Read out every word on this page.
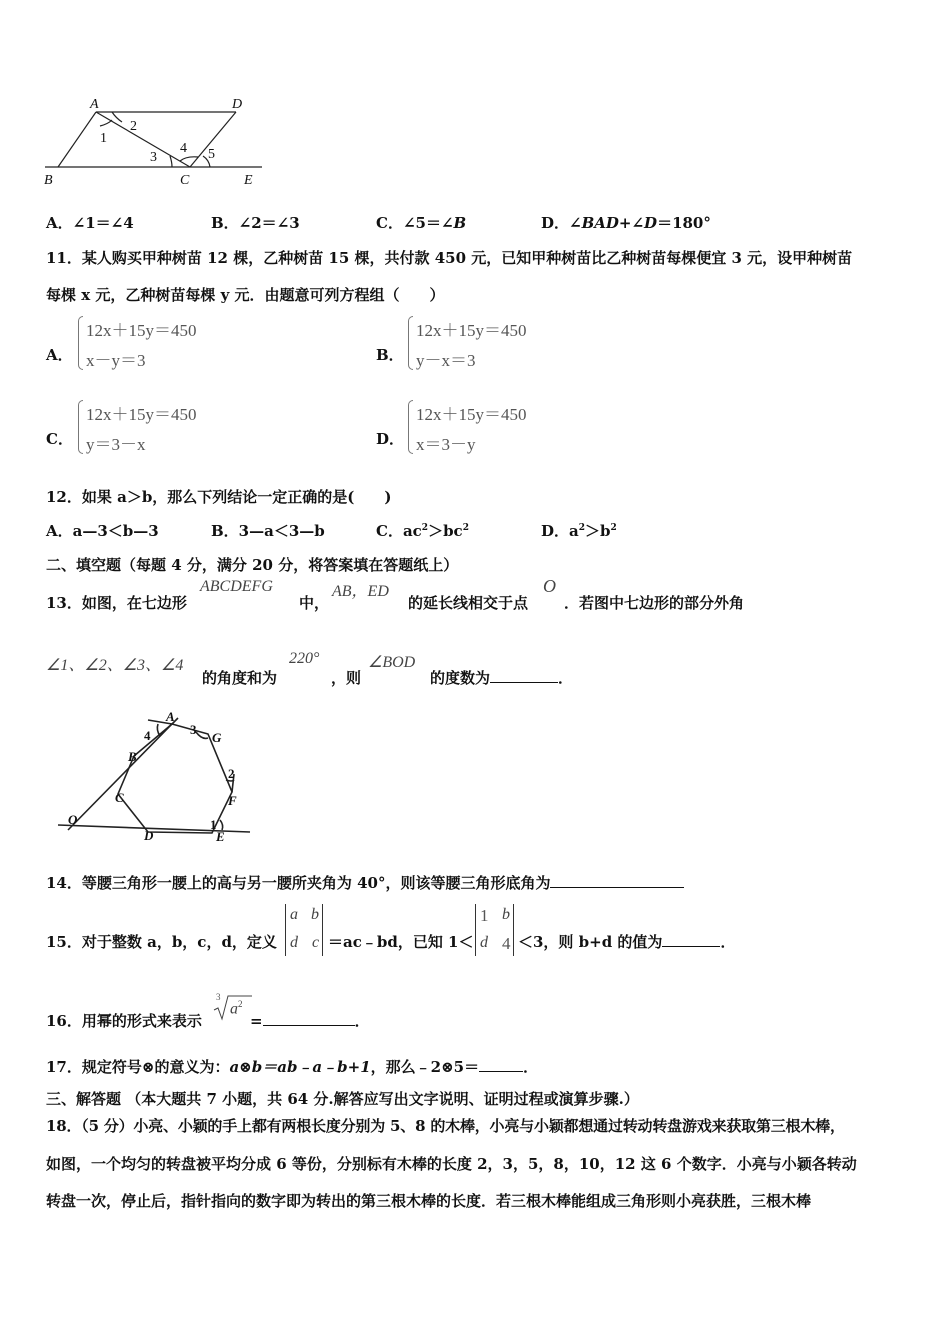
A	D
B	C	E
1
2
3
4 5
A．∠1＝∠4	B．∠2＝∠3	C．∠5＝∠B	D．∠BAD+∠D＝180°
11．某人购买甲种树苗 12 棵，乙种树苗 15 棵，共付款 450 元，已知甲种树苗比乙种树苗每棵便宜 3 元，设甲种树苗
每棵 x 元，乙种树苗每棵 y 元．由题意可列方程组（　　）
A．
12x＋15y＝450
x－y＝3	B．
12x＋15y＝450
y－x＝3
C．
12x＋15y＝450
y＝3－x	D．
12x＋15y＝450
x＝3－y
12．如果 a＞b，那么下列结论一定正确的是(　　)
A．a—3＜b—3	B．3—a＜3—b	C．$ac^2>bc^2$	D．$a^2>b^2$
二、填空题（每题 4 分，满分 20 分，将答案填在答题纸上）
13．如图，在七边形
ABCDEFG
中，
AB，ED
的延长线相交于点
O
．若图中七边形的部分外角
∠1、∠2、∠3、∠4
的角度和为
220°
，则
∠BOD
的度数为	．
A
G
B
C	F
D	E
O	1
2
3
4
14．等腰三角形一腰上的高与另一腰所夹角为 40°，则该等腰三角形底角为
15．对于整数 a，b，c，d，定义
a b
d c ＝ac﹣bd，已知 1＜
1 b
d 4 ＜3，则 b+d 的值为	．
16．用幂的形式来表示
3
$a^2$
=	．
17．规定符号⊗的意义为：a⊗b＝ab﹣a﹣b+1，那么﹣2⊗5＝	．
三、解答题 （本大题共 7 小题，共 64 分.解答应写出文字说明、证明过程或演算步骤.）
18．（5 分）小亮、小颖的手上都有两根长度分别为 5、8 的木棒，小亮与小颖都想通过转动转盘游戏来获取第三根木棒，
如图，一个均匀的转盘被平均分成 6 等份，分别标有木棒的长度 2，3，5，8，10，12 这 6 个数字．小亮与小颖各转动
转盘一次，停止后，指针指向的数字即为转出的第三根木棒的长度．若三根木棒能组成三角形则小亮获胜，三根木棒
